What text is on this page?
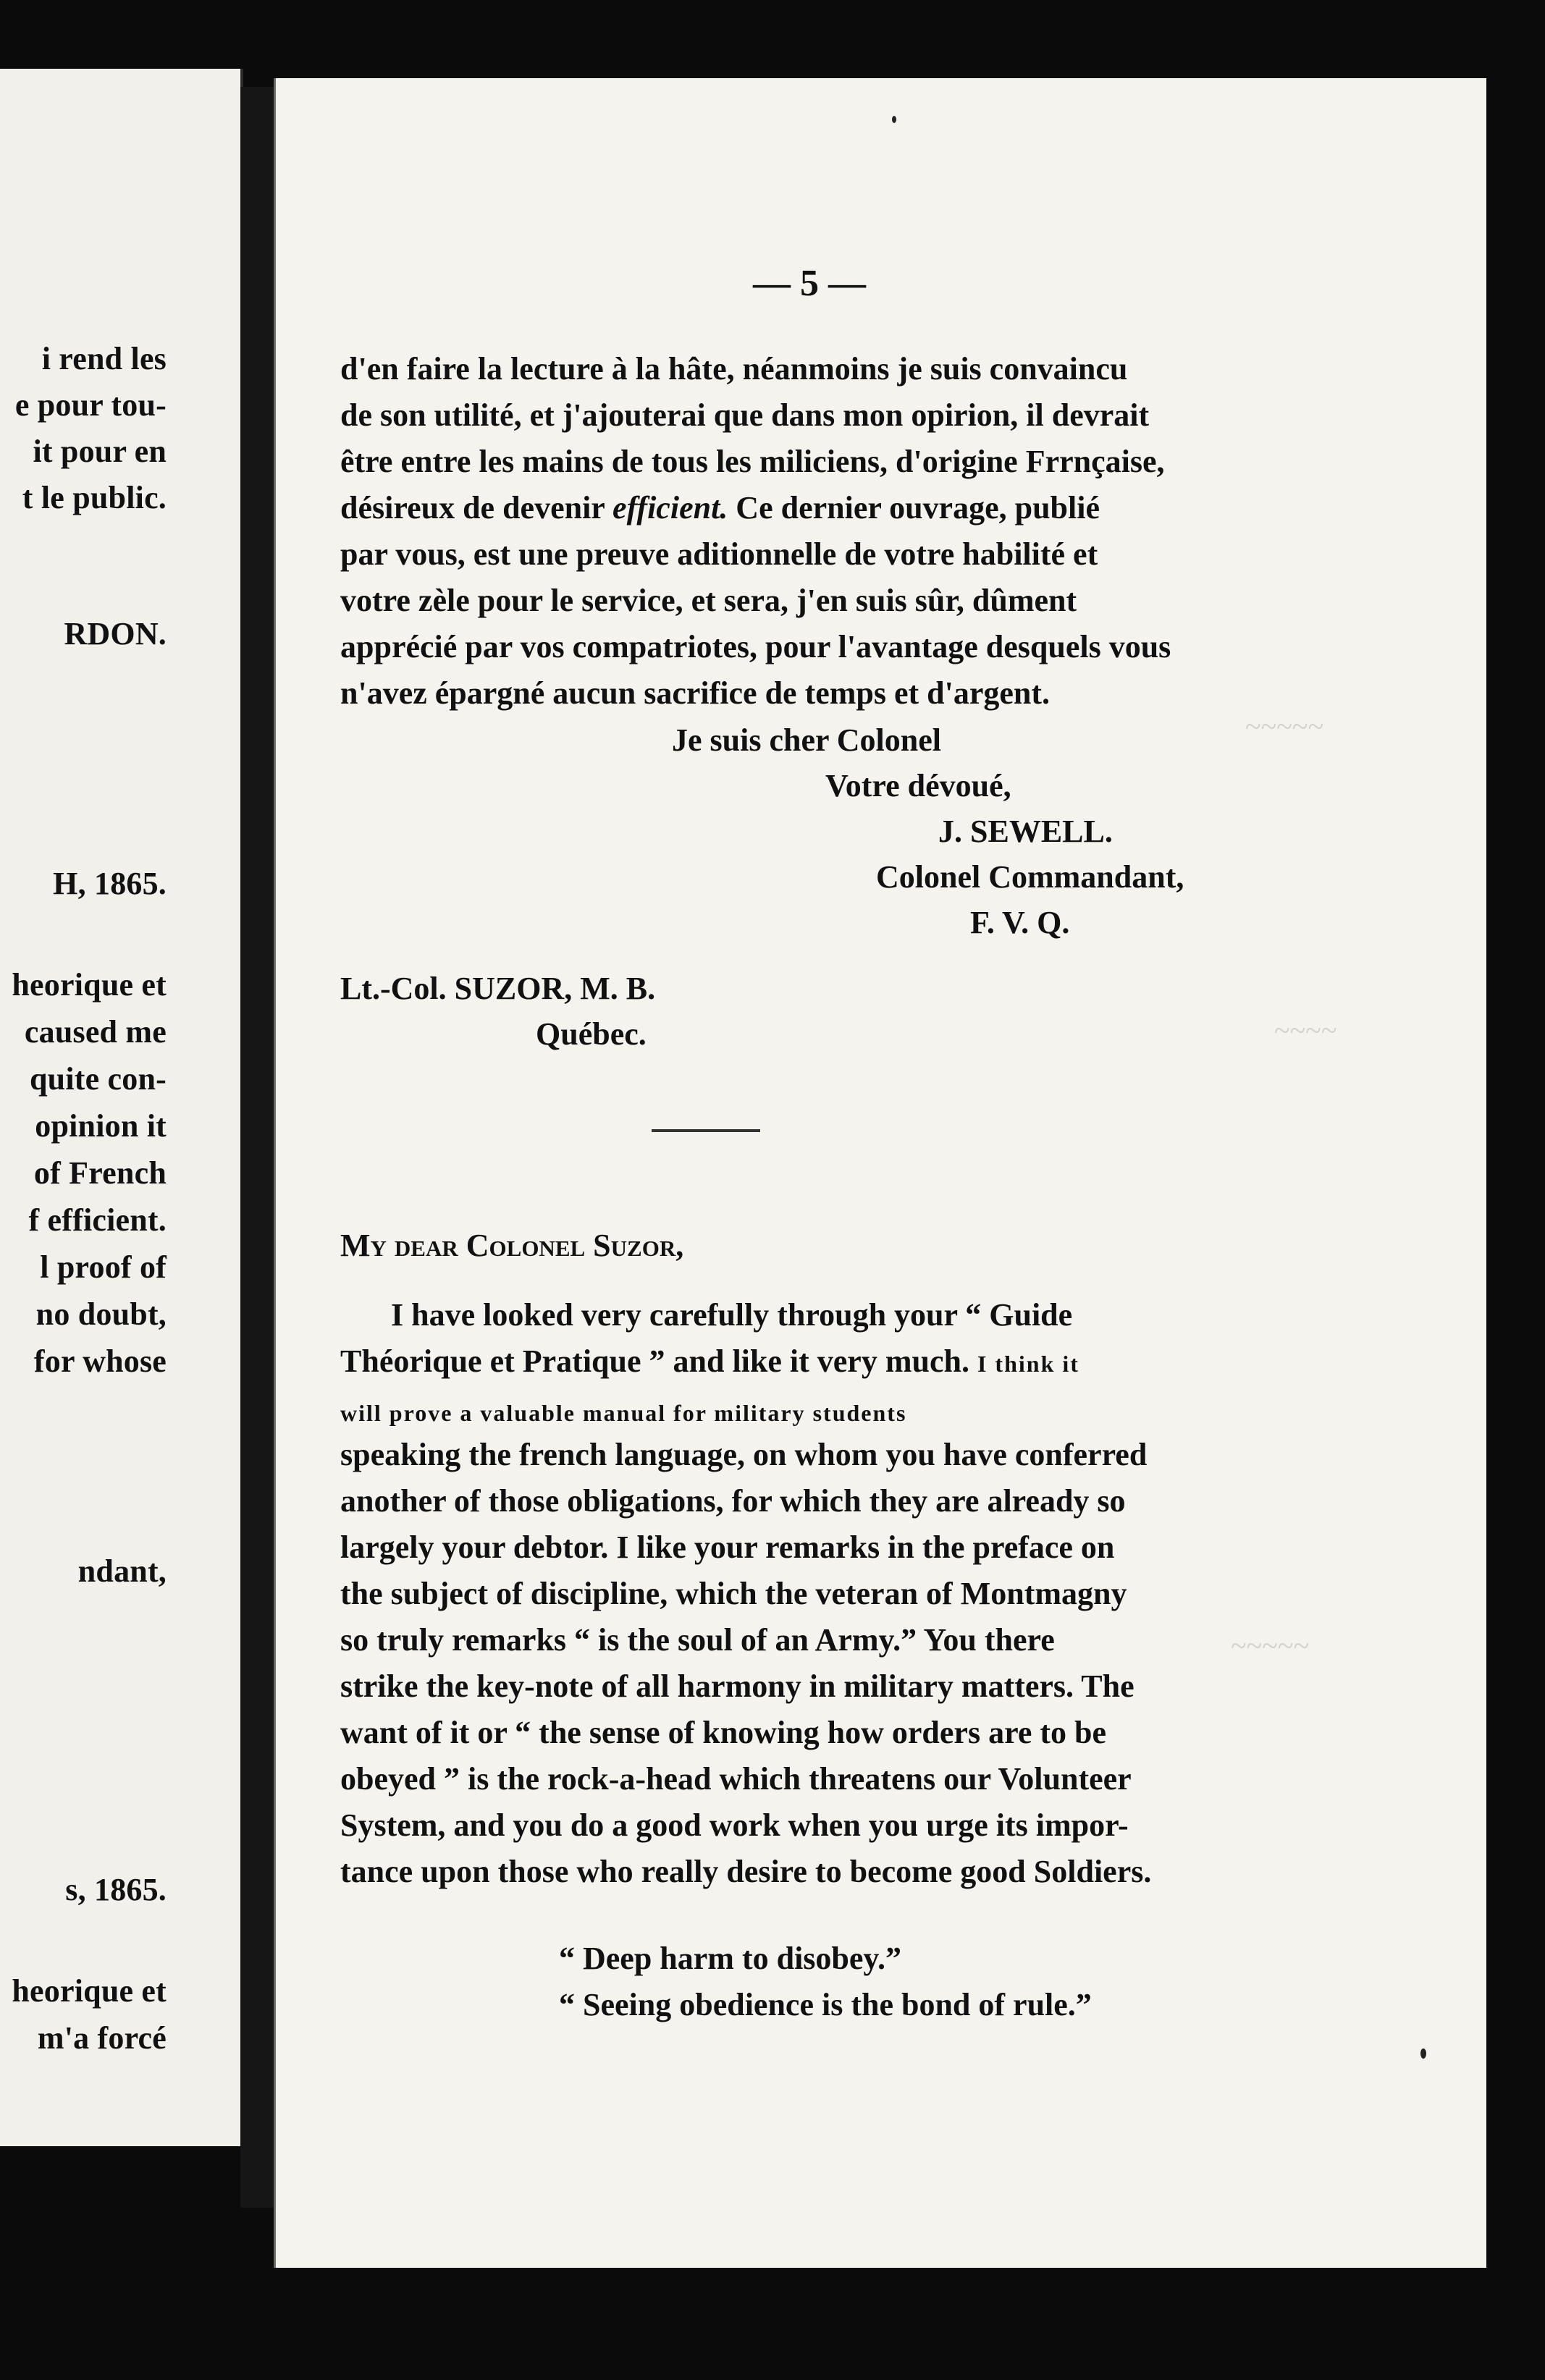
i rend les
e pour tou-
it pour en
t le public.
RDON.
H, 1865.
heorique et
caused me
quite con-
opinion it
of French
f efficient.
l proof of
no doubt,
for whose
ndant,
s, 1865.
heorique et
m'a forcé
~~~~~
~~~~
~~~~~
— 5 —
d'en faire la lecture à la hâte, néanmoins je suis convaincu
de son utilité, et j'ajouterai que dans mon opirion, il devrait
être entre les mains de tous les miliciens, d'origine Frrnçaise,
désireux de devenir efficient. Ce dernier ouvrage, publié
par vous, est une preuve aditionnelle de votre habilité et
votre zèle pour le service, et sera, j'en suis sûr, dûment
apprécié par vos compatriotes, pour l'avantage desquels vous
n'avez épargné aucun sacrifice de temps et d'argent.
Je suis cher Colonel
Votre dévoué,
J. SEWELL.
Colonel Commandant,
F. V. Q.
Lt.-Col. SUZOR, M. B.
Québec.
My dear Colonel Suzor,
I have looked very carefully through your “ Guide
Théorique et Pratique ” and like it very much. I think it
will prove a valuable manual for military students
speaking the french language, on whom you have conferred
another of those obligations, for which they are already so
largely your debtor. I like your remarks in the preface on
the subject of discipline, which the veteran of Montmagny
so truly remarks “ is the soul of an Army.” You there
strike the key-note of all harmony in military matters. The
want of it or “ the sense of knowing how orders are to be
obeyed ” is the rock-a-head which threatens our Volunteer
System, and you do a good work when you urge its impor-
tance upon those who really desire to become good Soldiers.
“ Deep harm to disobey.”
“ Seeing obedience is the bond of rule.”
